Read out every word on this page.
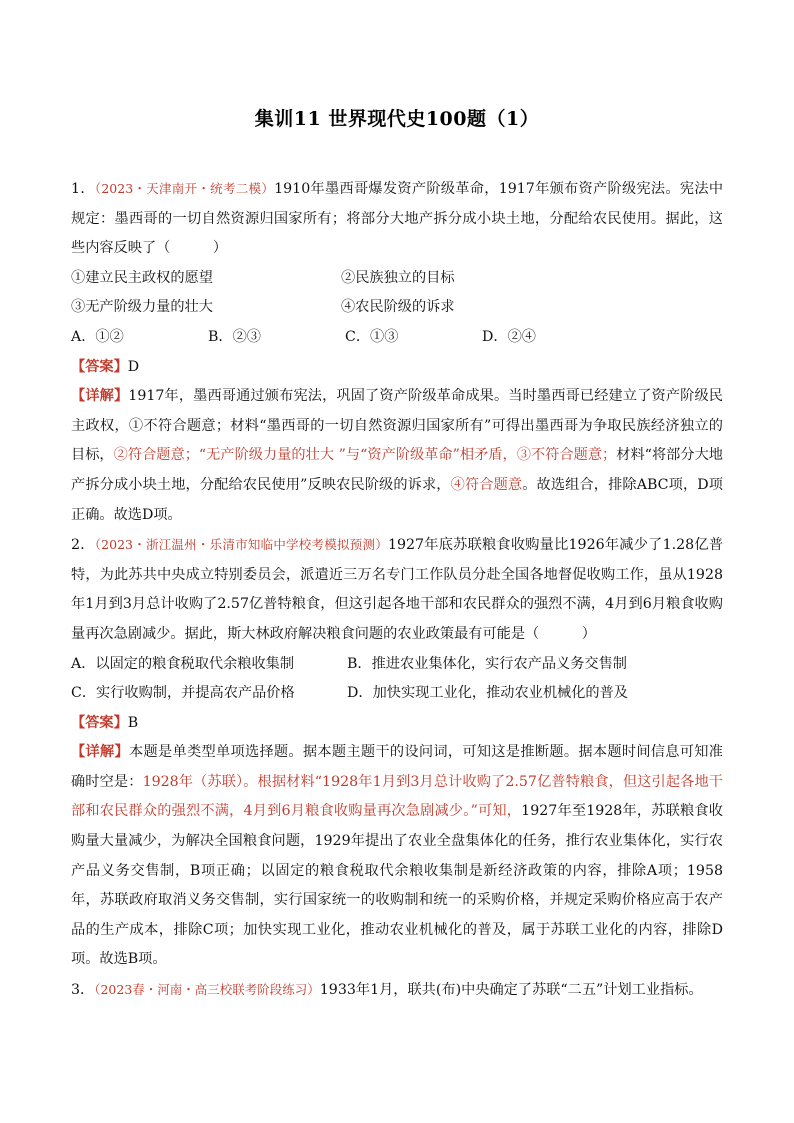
集训11 世界现代史100题（1）

1．（2023・天津南开・统考二模）1910年墨西哥爆发资产阶级革命，1917年颁布资产阶级宪法。宪法中规定：墨西哥的一切自然资源归国家所有；将部分大地产拆分成小块土地，分配给农民使用。据此，这些内容反映了（　　　）

①建立民主政权的愿望	②民族独立的目标
③无产阶级力量的壮大	④农民阶级的诉求
A．①②	B．②③	C．①③	D．②④

【答案】D

【详解】1917年，墨西哥通过颁布宪法，巩固了资产阶级革命成果。当时墨西哥已经建立了资产阶级民主政权，①不符合题意；材料“墨西哥的一切自然资源归国家所有”可得出墨西哥为争取民族经济独立的目标，②符合题意；“无产阶级力量的壮大 ”与“资产阶级革命”相矛盾，③不符合题意；材料“将部分大地产拆分成小块土地，分配给农民使用”反映农民阶级的诉求，④符合题意。故选组合，排除ABC项，D项正确。故选D项。

2．（2023・浙江温州・乐清市知临中学校考模拟预测）1927年底苏联粮食收购量比1926年减少了1.28亿普特，为此苏共中央成立特别委员会，派遣近三万名专门工作队员分赴全国各地督促收购工作，虽从1928年1月到3月总计收购了2.57亿普特粮食，但这引起各地干部和农民群众的强烈不满，4月到6月粮食收购量再次急剧减少。据此，斯大林政府解决粮食问题的农业政策最有可能是（　　　）

A．以固定的粮食税取代余粮收集制	B．推进农业集体化，实行农产品义务交售制
C．实行收购制，并提高农产品价格	D．加快实现工业化，推动农业机械化的普及

【答案】B

【详解】本题是单类型单项选择题。据本题主题干的设问词，可知这是推断题。据本题时间信息可知准确时空是：1928年（苏联）。根据材料“1928年1月到3月总计收购了2.57亿普特粮食，但这引起各地干部和农民群众的强烈不满，4月到6月粮食收购量再次急剧减少。”可知，1927年至1928年，苏联粮食收购量大量减少，为解决全国粮食问题，1929年提出了农业全盘集体化的任务，推行农业集体化，实行农产品义务交售制，B项正确；以固定的粮食税取代余粮收集制是新经济政策的内容，排除A项；1958年，苏联政府取消义务交售制，实行国家统一的收购制和统一的采购价格，并规定采购价格应高于农产品的生产成本，排除C项；加快实现工业化，推动农业机械化的普及，属于苏联工业化的内容，排除D项。故选B项。

3．（2023春・河南・高三校联考阶段练习）1933年1月，联共(布)中央确定了苏联“二五”计划工业指标。
